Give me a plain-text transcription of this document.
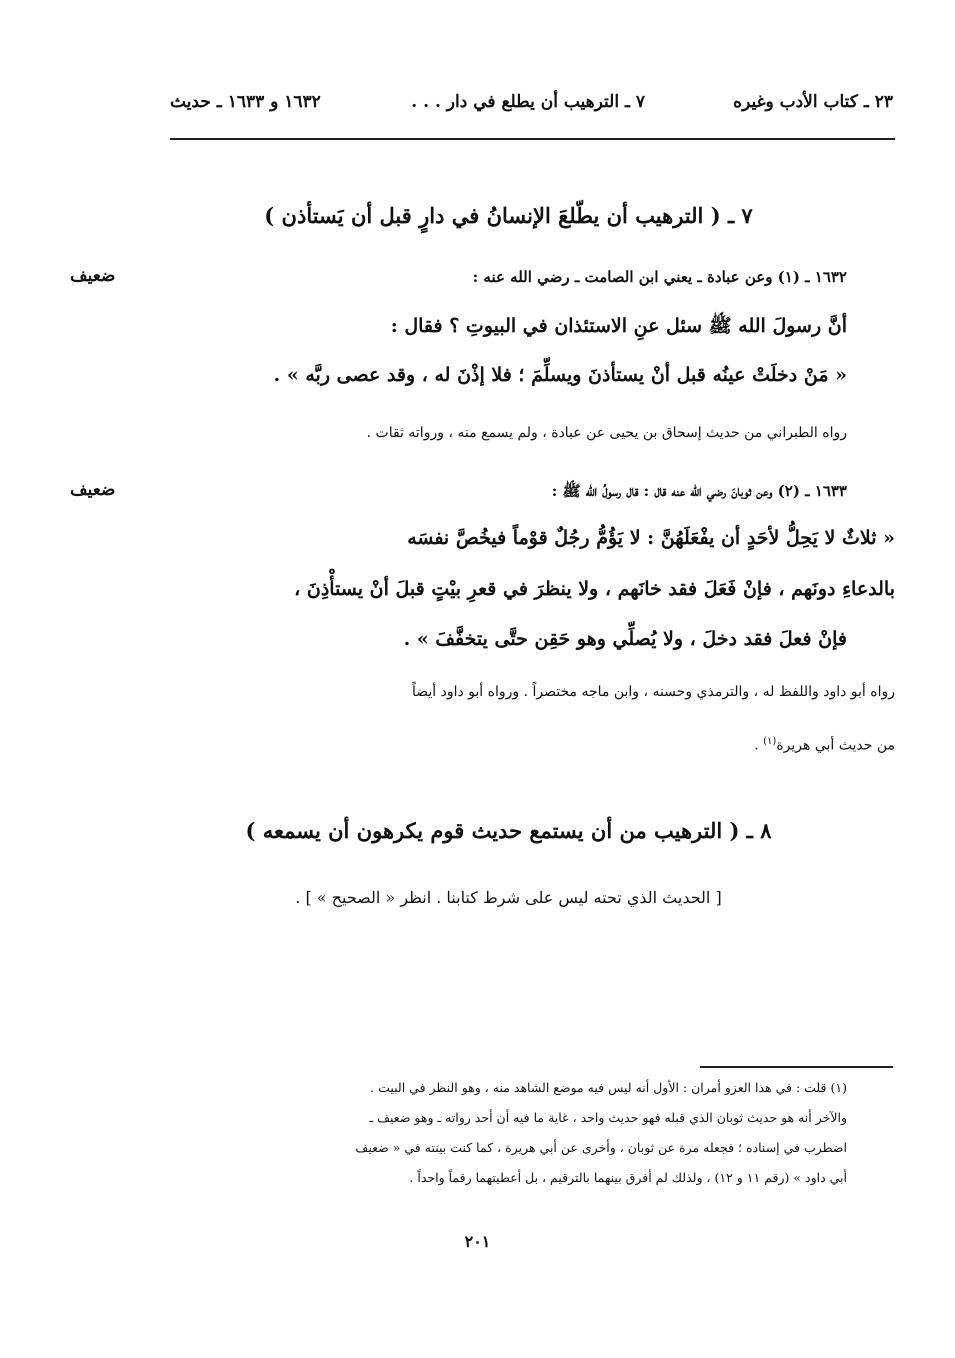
٢٣ ـ كتاب الأدب وغيره
٧ ـ الترهيب أن يطلع في دار . . .
١٦٣٢ و ١٦٣٣ ـ حديث
٧ ـ ( الترهيب أن يطّلعَ الإنسانُ في دارٍ قبل أن يَستأذن )
ضعيف	١٦٣٢ ـ (١) وعن عبادة ـ يعني ابن الصامت ـ رضي الله عنه :
أنَّ رسولَ الله ﷺ سئل عنِ الاستئذان في البيوتِ ؟ فقال :
« مَنْ دخلَتْ عينُه قبل أنْ يستأذنَ ويسلِّمَ ؛ فلا إذْنَ له ، وقد عصى ربَّه » .
رواه الطبراني من حديث إسحاق بن يحيى عن عبادة ، ولم يسمع منه ، ورواته ثقات .
ضعيف	١٦٣٣ ـ (٢) وعن ثوبانَ رضي الله عنه قال : قال رسولُ الله ﷺ :
« ثلاثٌ لا يَحِلُّ لأحَدٍ أن يفْعَلَهُنَّ : لا يَؤُمُّ رجُلٌ قوْماً فيخُصَّ نفسَه
بالدعاءِ دونَهم ، فإنْ فَعَلَ فقد خانَهم ، ولا ينظرَ في قعرِ بيْتٍ قبلَ أنْ يستأْذِنَ ،
فإنْ فعلَ فقد دخلَ ، ولا يُصلِّي وهو حَقِن حتَّى يتخفَّفَ » .
رواه أبو داود واللفظ له ، والترمذي وحسنه ، وابن ماجه مختصراً . ورواه أبو داود أيضاً
من حديث أبي هريرة$^{(١)}$ .
٨ ـ ( الترهيب من أن يستمع حديث قوم يكرهون أن يسمعه )
[ الحديث الذي تحته ليس على شرط كتابنا . انظر « الصحيح » ] .
(١) قلت : في هذا العزو أمران : الأول أنه ليس فيه موضع الشاهد منه ، وهو النظر في البيت .
والآخر أنه هو حديث ثوبان الذي قبله فهو حديث واحد ، غاية ما فيه أن أحد رواته ـ وهو ضعيف ـ
اضطرب في إسناده ؛ فجعله مرة عن ثوبان ، وأخرى عن أبي هريرة ، كما كنت بينته في « ضعيف
أبي داود » (رقم ١١ و ١٢) ، ولذلك لم أفرق بينهما بالترقيم ، بل أعطيتهما رقماً واحداً .
٢٠١
